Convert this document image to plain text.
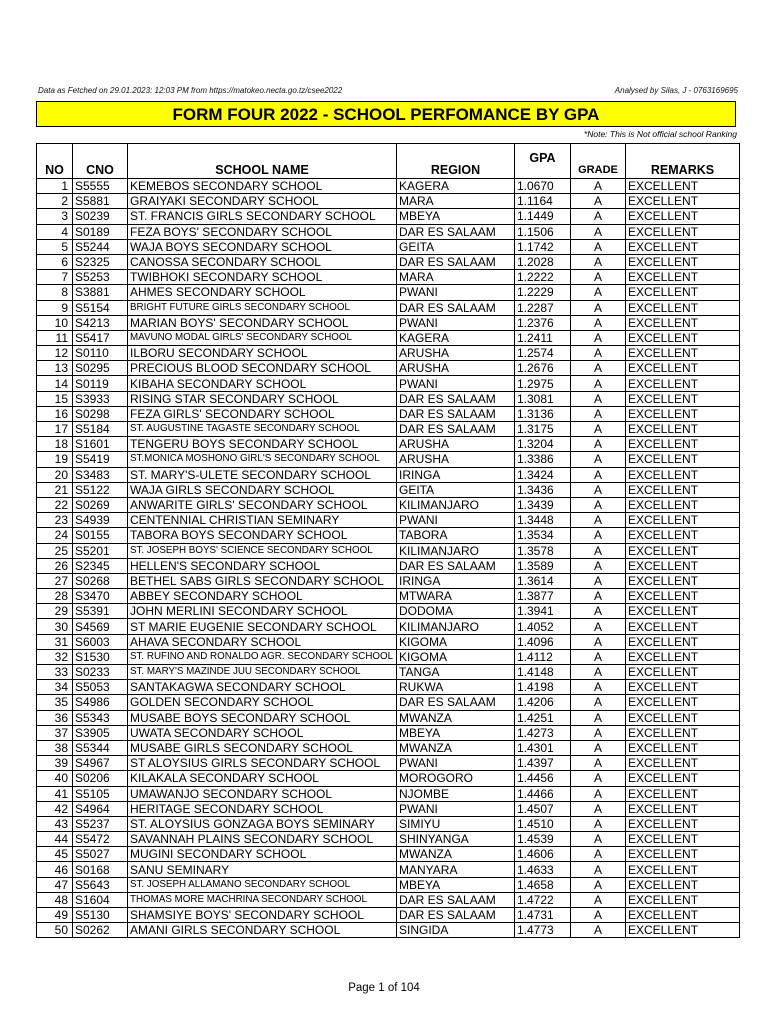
Data as Fetched on 29.01.2023: 12:03 PM from https://matokeo.necta.go.tz/csee2022	Analysed by Silas, J - 0763169695
FORM FOUR 2022 - SCHOOL PERFOMANCE BY GPA
*Note: This is Not official school Ranking
NO	CNO	SCHOOL NAME	REGION	GPA	GRADE	REMARKS
1	S5555	KEMEBOS SECONDARY SCHOOL	KAGERA	1.0670	A	EXCELLENT
2	S5881	GRAIYAKI SECONDARY SCHOOL	MARA	1.1164	A	EXCELLENT
3	S0239	ST. FRANCIS GIRLS SECONDARY SCHOOL	MBEYA	1.1449	A	EXCELLENT
4	S0189	FEZA BOYS' SECONDARY SCHOOL	DAR ES SALAAM	1.1506	A	EXCELLENT
5	S5244	WAJA BOYS SECONDARY SCHOOL	GEITA	1.1742	A	EXCELLENT
6	S2325	CANOSSA SECONDARY SCHOOL	DAR ES SALAAM	1.2028	A	EXCELLENT
7	S5253	TWIBHOKI SECONDARY SCHOOL	MARA	1.2222	A	EXCELLENT
8	S3881	AHMES SECONDARY SCHOOL	PWANI	1.2229	A	EXCELLENT
9	S5154	BRIGHT FUTURE GIRLS SECONDARY SCHOOL	DAR ES SALAAM	1.2287	A	EXCELLENT
10	S4213	MARIAN BOYS' SECONDARY SCHOOL	PWANI	1.2376	A	EXCELLENT
11	S5417	MAVUNO MODAL GIRLS' SECONDARY SCHOOL	KAGERA	1.2411	A	EXCELLENT
12	S0110	ILBORU SECONDARY SCHOOL	ARUSHA	1.2574	A	EXCELLENT
13	S0295	PRECIOUS BLOOD SECONDARY SCHOOL	ARUSHA	1.2676	A	EXCELLENT
14	S0119	KIBAHA SECONDARY SCHOOL	PWANI	1.2975	A	EXCELLENT
15	S3933	RISING STAR SECONDARY SCHOOL	DAR ES SALAAM	1.3081	A	EXCELLENT
16	S0298	FEZA GIRLS' SECONDARY SCHOOL	DAR ES SALAAM	1.3136	A	EXCELLENT
17	S5184	ST. AUGUSTINE TAGASTE SECONDARY SCHOOL	DAR ES SALAAM	1.3175	A	EXCELLENT
18	S1601	TENGERU BOYS SECONDARY SCHOOL	ARUSHA	1.3204	A	EXCELLENT
19	S5419	ST.MONICA MOSHONO GIRL'S SECONDARY SCHOOL	ARUSHA	1.3386	A	EXCELLENT
20	S3483	ST. MARY'S-ULETE SECONDARY SCHOOL	IRINGA	1.3424	A	EXCELLENT
21	S5122	WAJA GIRLS SECONDARY SCHOOL	GEITA	1.3436	A	EXCELLENT
22	S0269	ANWARITE GIRLS' SECONDARY SCHOOL	KILIMANJARO	1.3439	A	EXCELLENT
23	S4939	CENTENNIAL CHRISTIAN SEMINARY	PWANI	1.3448	A	EXCELLENT
24	S0155	TABORA BOYS SECONDARY SCHOOL	TABORA	1.3534	A	EXCELLENT
25	S5201	ST. JOSEPH BOYS' SCIENCE SECONDARY SCHOOL	KILIMANJARO	1.3578	A	EXCELLENT
26	S2345	HELLEN'S SECONDARY SCHOOL	DAR ES SALAAM	1.3589	A	EXCELLENT
27	S0268	BETHEL SABS GIRLS SECONDARY SCHOOL	IRINGA	1.3614	A	EXCELLENT
28	S3470	ABBEY SECONDARY SCHOOL	MTWARA	1.3877	A	EXCELLENT
29	S5391	JOHN MERLINI SECONDARY SCHOOL	DODOMA	1.3941	A	EXCELLENT
30	S4569	ST MARIE EUGENIE SECONDARY SCHOOL	KILIMANJARO	1.4052	A	EXCELLENT
31	S6003	AHAVA SECONDARY SCHOOL	KIGOMA	1.4096	A	EXCELLENT
32	S1530	ST. RUFINO AND RONALDO AGR. SECONDARY SCHOOL	KIGOMA	1.4112	A	EXCELLENT
33	S0233	ST. MARY'S MAZINDE JUU SECONDARY SCHOOL	TANGA	1.4148	A	EXCELLENT
34	S5053	SANTAKAGWA SECONDARY SCHOOL	RUKWA	1.4198	A	EXCELLENT
35	S4986	GOLDEN SECONDARY SCHOOL	DAR ES SALAAM	1.4206	A	EXCELLENT
36	S5343	MUSABE BOYS SECONDARY SCHOOL	MWANZA	1.4251	A	EXCELLENT
37	S3905	UWATA SECONDARY SCHOOL	MBEYA	1.4273	A	EXCELLENT
38	S5344	MUSABE GIRLS SECONDARY SCHOOL	MWANZA	1.4301	A	EXCELLENT
39	S4967	ST ALOYSIUS GIRLS SECONDARY SCHOOL	PWANI	1.4397	A	EXCELLENT
40	S0206	KILAKALA SECONDARY SCHOOL	MOROGORO	1.4456	A	EXCELLENT
41	S5105	UMAWANJO SECONDARY SCHOOL	NJOMBE	1.4466	A	EXCELLENT
42	S4964	HERITAGE SECONDARY SCHOOL	PWANI	1.4507	A	EXCELLENT
43	S5237	ST. ALOYSIUS GONZAGA BOYS SEMINARY	SIMIYU	1.4510	A	EXCELLENT
44	S5472	SAVANNAH PLAINS SECONDARY SCHOOL	SHINYANGA	1.4539	A	EXCELLENT
45	S5027	MUGINI SECONDARY SCHOOL	MWANZA	1.4606	A	EXCELLENT
46	S0168	SANU SEMINARY	MANYARA	1.4633	A	EXCELLENT
47	S5643	ST. JOSEPH ALLAMANO SECONDARY SCHOOL	MBEYA	1.4658	A	EXCELLENT
48	S1604	THOMAS MORE MACHRINA SECONDARY SCHOOL	DAR ES SALAAM	1.4722	A	EXCELLENT
49	S5130	SHAMSIYE BOYS' SECONDARY SCHOOL	DAR ES SALAAM	1.4731	A	EXCELLENT
50	S0262	AMANI GIRLS SECONDARY SCHOOL	SINGIDA	1.4773	A	EXCELLENT
Page 1 of 104
